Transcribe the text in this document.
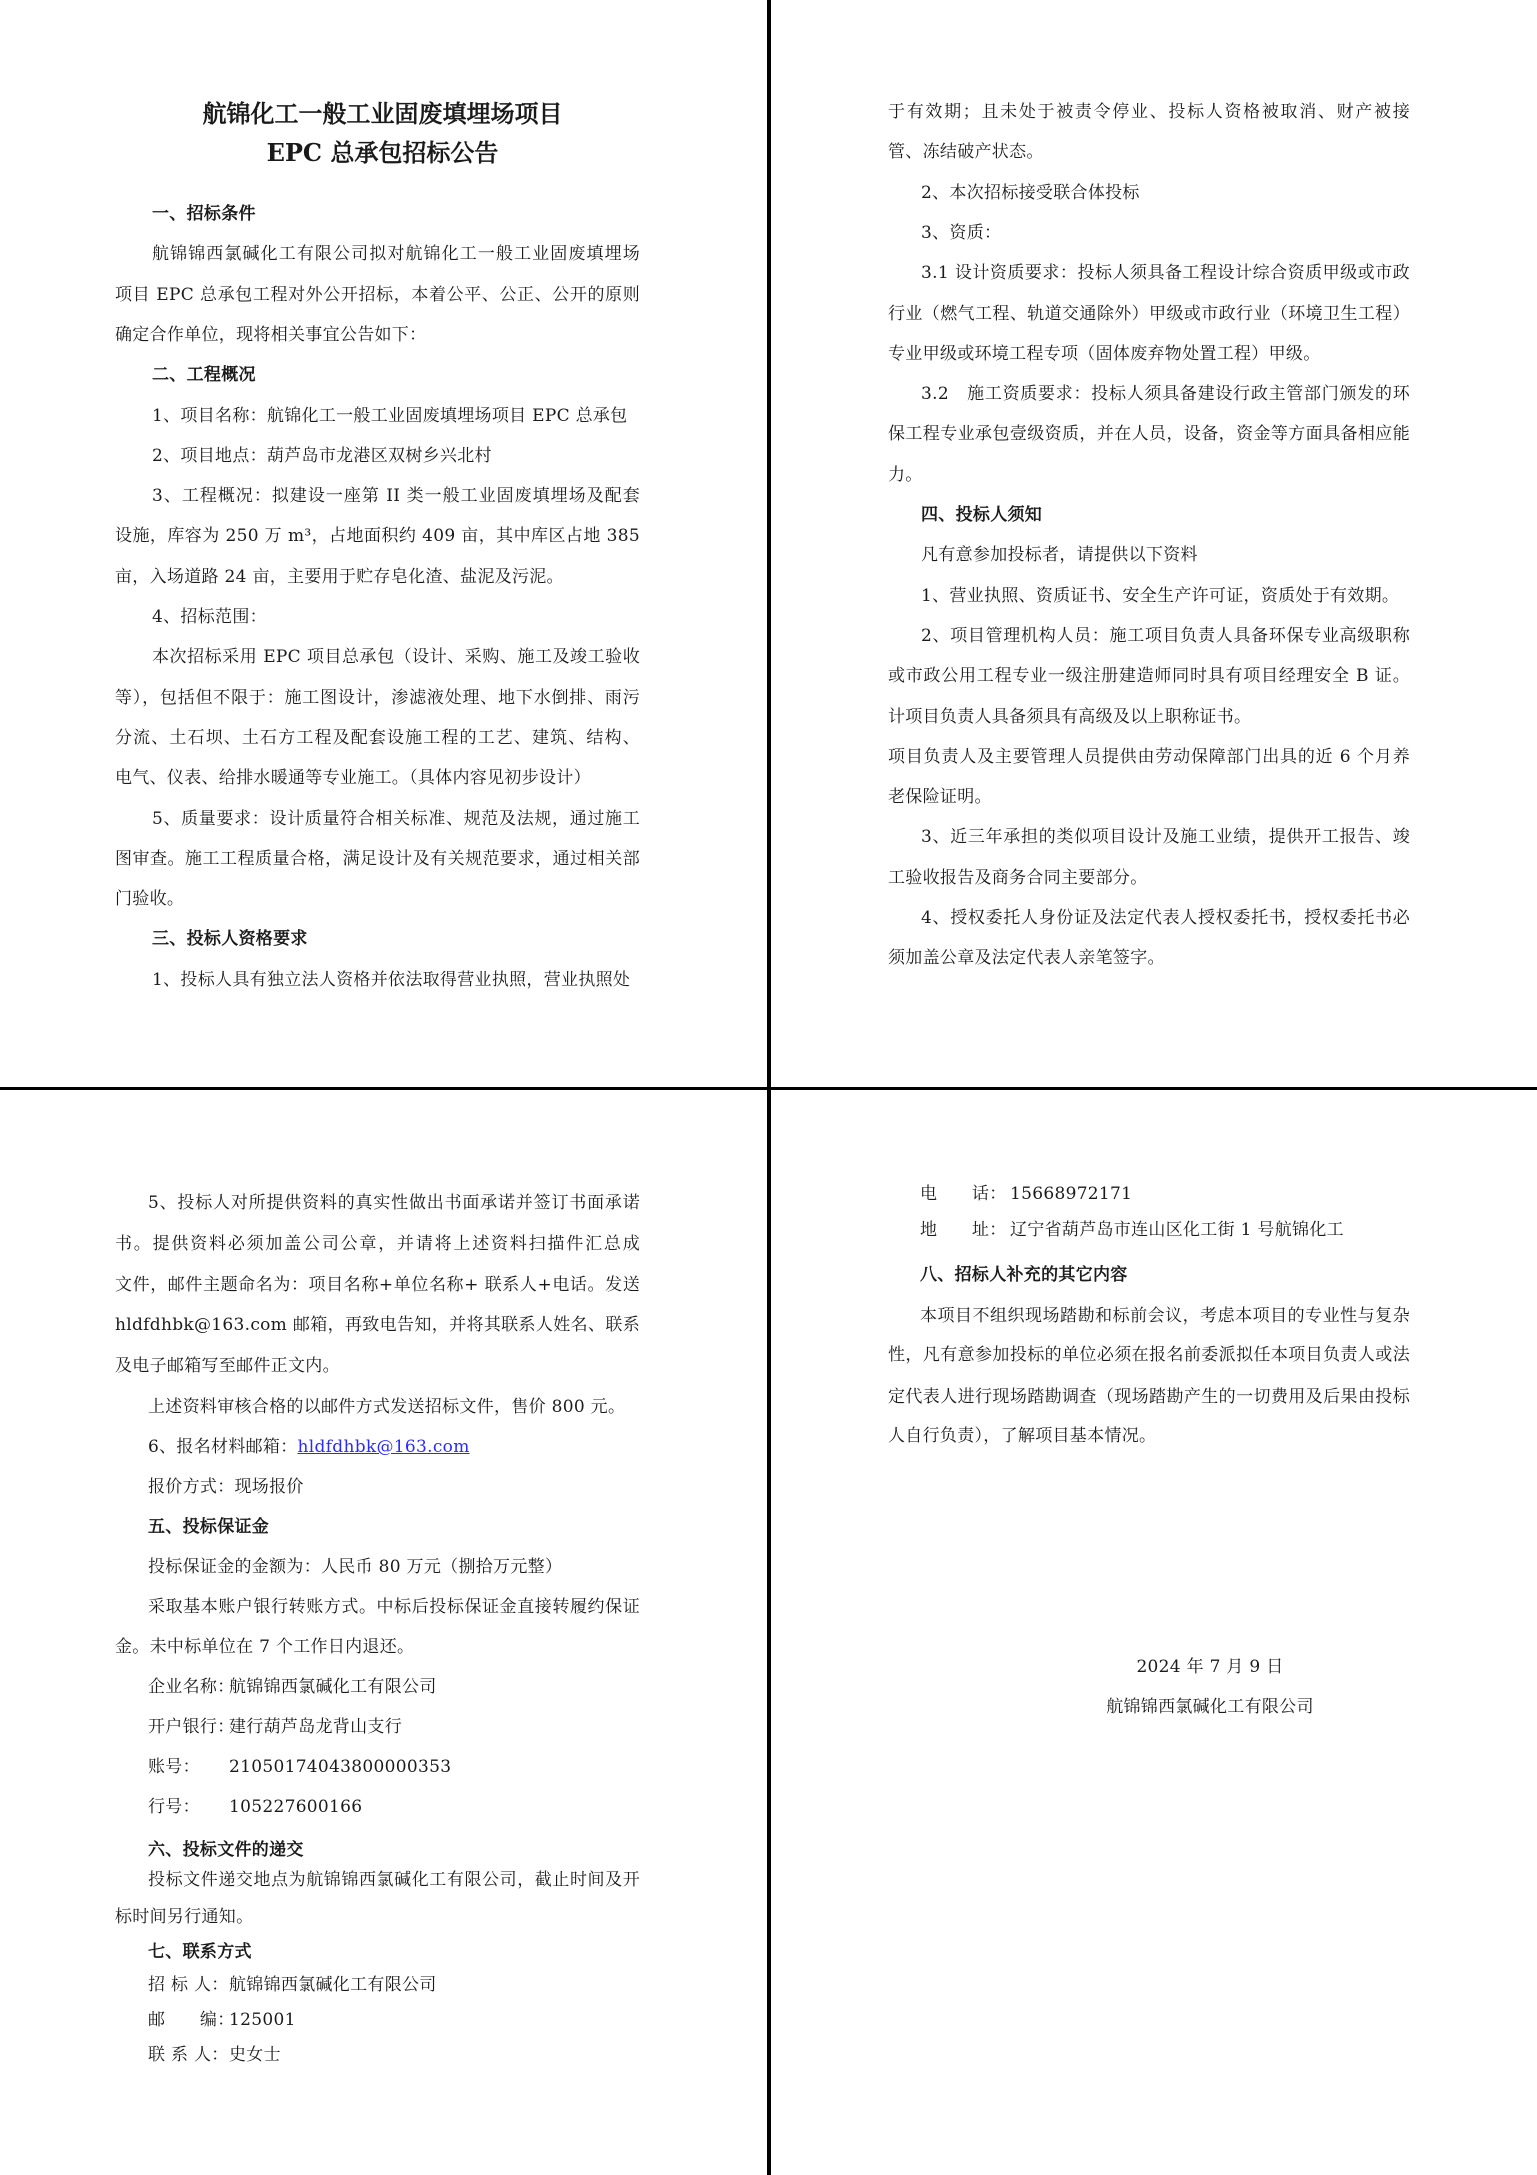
航锦化工一般工业固废填埋场项目
EPC 总承包招标公告
一、招标条件
航锦锦西氯碱化工有限公司拟对航锦化工一般工业固废填埋场
项目 EPC 总承包工程对外公开招标，本着公平、公正、公开的原则
确定合作单位，现将相关事宜公告如下：
二、工程概况
1、项目名称：航锦化工一般工业固废填埋场项目 EPC 总承包
2、项目地点：葫芦岛市龙港区双树乡兴北村
3、工程概况：拟建设一座第 II 类一般工业固废填埋场及配套
设施，库容为 250 万 m³，占地面积约 409 亩，其中库区占地 385
亩，入场道路 24 亩，主要用于贮存皂化渣、盐泥及污泥。
4、招标范围：
本次招标采用 EPC 项目总承包（设计、采购、施工及竣工验收
等），包括但不限于：施工图设计，渗滤液处理、地下水倒排、雨污
分流、土石坝、土石方工程及配套设施工程的工艺、建筑、结构、
电气、仪表、给排水暖通等专业施工。（具体内容见初步设计）
5、质量要求：设计质量符合相关标准、规范及法规，通过施工
图审查。施工工程质量合格，满足设计及有关规范要求，通过相关部
门验收。
三、投标人资格要求
1、投标人具有独立法人资格并依法取得营业执照，营业执照处
于有效期；且未处于被责令停业、投标人资格被取消、财产被接
管、冻结破产状态。
2、本次招标接受联合体投标
3、资质：
3.1 设计资质要求：投标人须具备工程设计综合资质甲级或市政
行业（燃气工程、轨道交通除外）甲级或市政行业（环境卫生工程）
专业甲级或环境工程专项（固体废弃物处置工程）甲级。
3.2　施工资质要求：投标人须具备建设行政主管部门颁发的环
保工程专业承包壹级资质，并在人员，设备，资金等方面具备相应能
力。
四、投标人须知
凡有意参加投标者，请提供以下资料
1、营业执照、资质证书、安全生产许可证，资质处于有效期。
2、项目管理机构人员：施工项目负责人具备环保专业高级职称
或市政公用工程专业一级注册建造师同时具有项目经理安全 B 证。
计项目负责人具备须具有高级及以上职称证书。
项目负责人及主要管理人员提供由劳动保障部门出具的近 6 个月养
老保险证明。
3、近三年承担的类似项目设计及施工业绩，提供开工报告、竣
工验收报告及商务合同主要部分。
4、授权委托人身份证及法定代表人授权委托书，授权委托书必
须加盖公章及法定代表人亲笔签字。
5、投标人对所提供资料的真实性做出书面承诺并签订书面承诺
书。提供资料必须加盖公司公章，并请将上述资料扫描件汇总成
文件，邮件主题命名为：项目名称+单位名称+ 联系人+电话。发送
hldfdhbk@163.com 邮箱，再致电告知，并将其联系人姓名、联系
及电子邮箱写至邮件正文内。
上述资料审核合格的以邮件方式发送招标文件，售价 800 元。
6、报名材料邮箱：hldfdhbk@163.com
报价方式：现场报价
五、投标保证金
投标保证金的金额为：人民币 80 万元（捌拾万元整）
采取基本账户银行转账方式。中标后投标保证金直接转履约保证
金。未中标单位在 7 个工作日内退还。
企业名称：航锦锦西氯碱化工有限公司
开户银行：建行葫芦岛龙背山支行
账号： 21050174043800000353
行号： 105227600166
六、投标文件的递交
投标文件递交地点为航锦锦西氯碱化工有限公司，截止时间及开
标时间另行通知。
七、联系方式
招 标 人：航锦锦西氯碱化工有限公司
邮　　编：125001
联 系 人：史女士
2024 年 7 月 9 日
航锦锦西氯碱化工有限公司
电　　话： 15668972171
地　　址： 辽宁省葫芦岛市连山区化工街 1 号航锦化工
八、招标人补充的其它内容
本项目不组织现场踏勘和标前会议，考虑本项目的专业性与复杂
性，凡有意参加投标的单位必须在报名前委派拟任本项目负责人或法
定代表人进行现场踏勘调查（现场踏勘产生的一切费用及后果由投标
人自行负责），了解项目基本情况。
